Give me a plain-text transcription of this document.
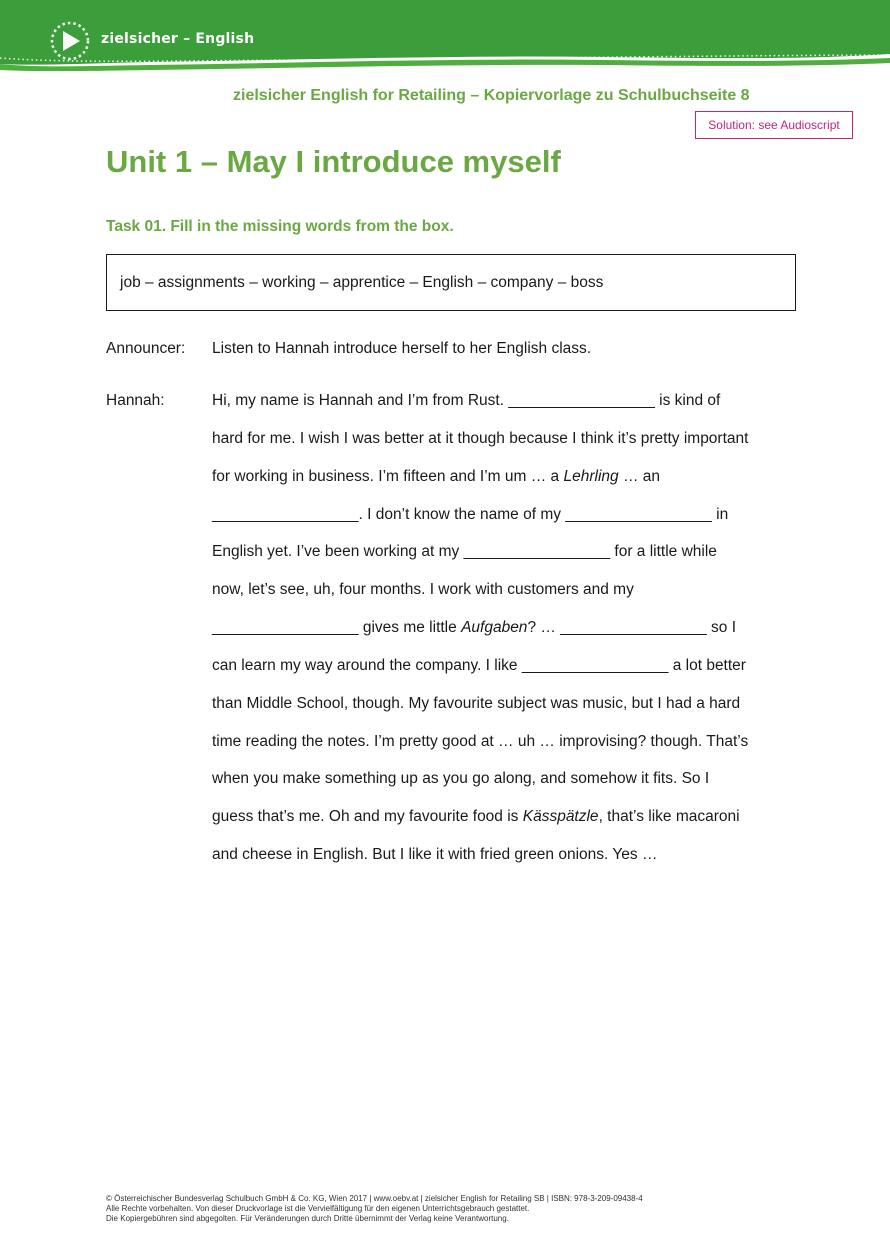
zielsicher – English
zielsicher English for Retailing – Kopiervorlage zu Schulbuchseite 8
Solution: see Audioscript
Unit 1 – May I introduce myself
Task 01. Fill in the missing words from the box.
job – assignments – working – apprentice – English – company – boss
Announcer: Listen to Hannah introduce herself to her English class.
Hannah:	Hi, my name is Hannah and I’m from Rust. _________________ is kind of
hard for me. I wish I was better at it though because I think it’s pretty important
for working in business. I’m fifteen and I’m um … a Lehrling … an
_________________. I don’t know the name of my _________________ in
English yet. I’ve been working at my _________________ for a little while
now, let’s see, uh, four months. I work with customers and my
_________________ gives me little Aufgaben? … _________________ so I
can learn my way around the company. I like _________________ a lot better
than Middle School, though. My favourite subject was music, but I had a hard
time reading the notes. I’m pretty good at … uh … improvising? though. That’s
when you make something up as you go along, and somehow it fits. So I
guess that’s me. Oh and my favourite food is Kässpätzle, that’s like macaroni
and cheese in English. But I like it with fried green onions. Yes …
© Österreichischer Bundesverlag Schulbuch GmbH & Co. KG, Wien 2017 | www.oebv.at | zielsicher English for Retailing SB | ISBN: 978-3-209-09438-4
Alle Rechte vorbehalten. Von dieser Druckvorlage ist die Vervielfältigung für den eigenen Unterrichtsgebrauch gestattet.
Die Kopiergebühren sind abgegolten. Für Veränderungen durch Dritte übernimmt der Verlag keine Verantwortung.
